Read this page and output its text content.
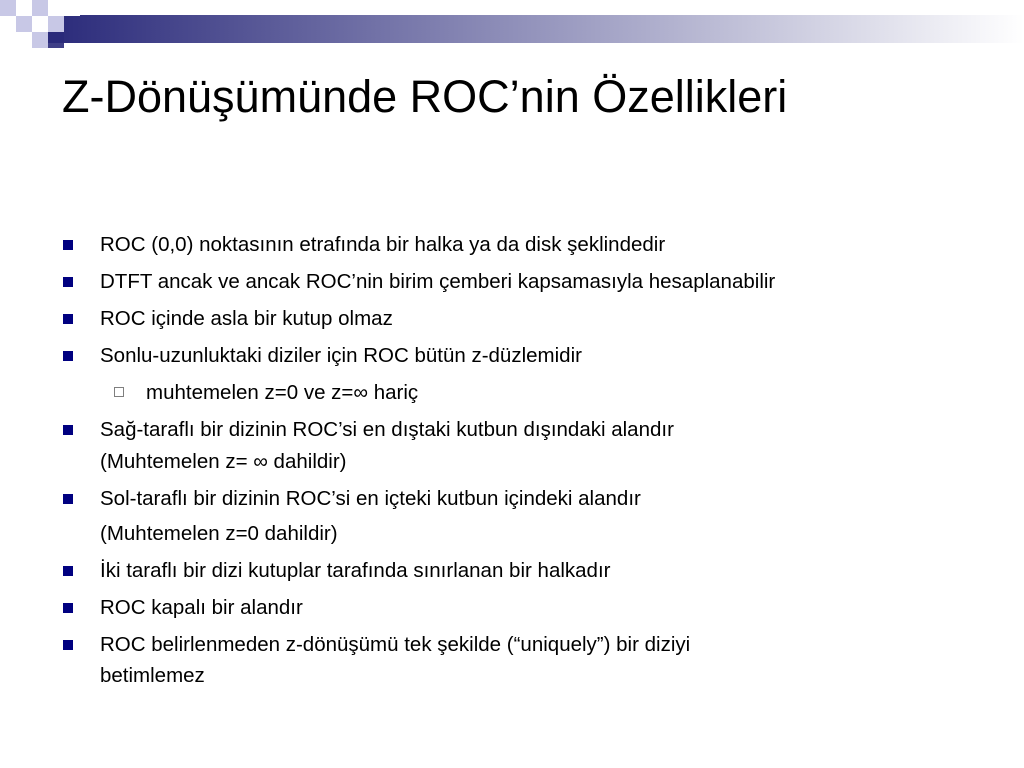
Z-Dönüşümünde ROC’nin Özellikleri
ROC (0,0) noktasının etrafında bir halka ya da disk şeklindedir
DTFT ancak ve ancak ROC’nin birim çemberi kapsamasıyla hesaplanabilir
ROC içinde asla bir kutup olmaz
Sonlu-uzunluktaki diziler için ROC bütün z-düzlemidir
muhtemelen z=0 ve z=∞ hariç
Sağ-taraflı bir dizinin ROC’si en dıştaki kutbun dışındaki alandır
(Muhtemelen z= ∞ dahildir)
Sol-taraflı bir dizinin ROC’si en içteki kutbun içindeki alandır
(Muhtemelen z=0 dahildir)
İki taraflı bir dizi kutuplar tarafında sınırlanan bir halkadır
ROC kapalı bir alandır
ROC belirlenmeden z-dönüşümü tek şekilde (“uniquely”) bir diziyi
betimlemez
